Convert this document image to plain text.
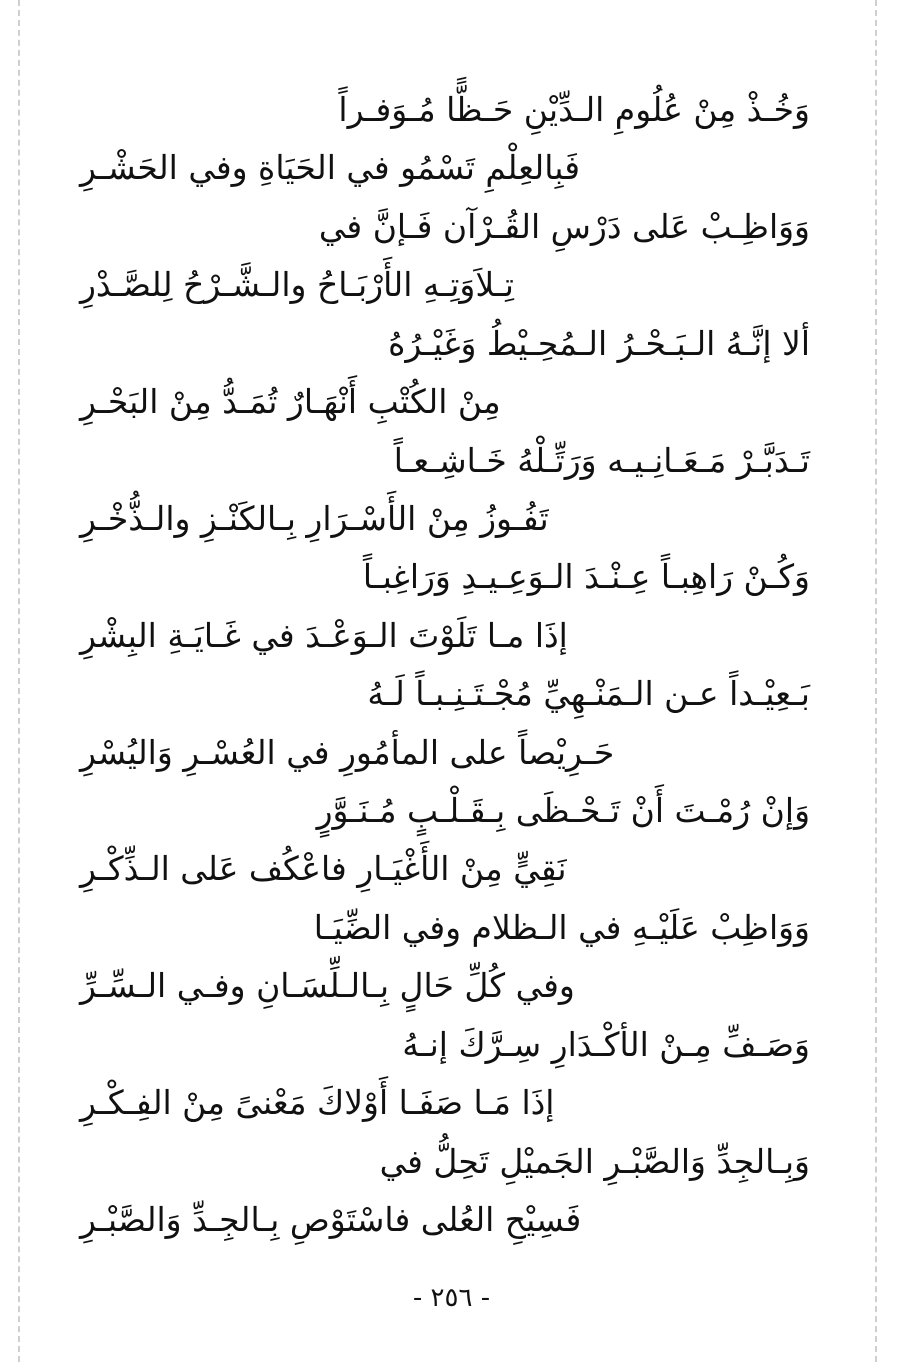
وَخُـذْ مِنْ عُلُومِ الـدِّيْنِ حَـظًّا مُـوَفـراً
فَبِالعِلْمِ تَسْمُو في الحَيَاةِ وفي الحَشْـرِ
وَوَاظِـبْ عَلى دَرْسِ القُـرْآن فَـإنَّ في
تِـلاَوَتِـهِ الأَرْبَـاحُ والـشَّـرْحُ لِلصَّـدْرِ
ألا إنَّـهُ الـبَـحْـرُ الـمُحِـيْطُ وَغَيْـرُهُ
مِنْ الكُتْبِ أَنْهَـارٌ تُمَـدُّ مِنْ البَحْـرِ
تَـدَبَّـرْ مَـعَـانِـيـه وَرَتِّـلْهُ خَـاشِـعـاً
تَفُـوزُ مِنْ الأَسْـرَارِ بِـالكَنْـزِ والـذُّخْـرِ
وَكُـنْ رَاهِبـاً عِـنْـدَ الـوَعِـيـدِ وَرَاغِبـاً
إذَا مـا تَلَوْتَ الـوَعْـدَ في غَـايَـةِ البِشْرِ
بَـعِيْـداً عـن الـمَنْـهِيِّ مُجْـتَـنِـبـاً لَـهُ
حَـرِيْصاً على المأمُورِ في العُسْـرِ وَاليُسْرِ
وَإنْ رُمْـتَ أَنْ تَـحْـظَى بِـقَـلْـبٍ مُـنَـوَّرٍ
نَقِيٍّ مِنْ الأَغْيَـارِ فاعْكُف عَلى الـذِّكْـرِ
وَوَاظِبْ عَلَيْـهِ في الـظلام وفي الضِّيَـا
وفي كُلِّ حَالٍ بِـالـلِّسَـانِ وفـي الـسِّـرِّ
وَصَـفِّ مِـنْ الأكْـدَارِ سِـرَّكَ إنـهُ
إذَا مَـا صَفَـا أَوْلاكَ مَعْنىً مِنْ الفِـكْـرِ
وَبِـالجِدِّ وَالصَّبْـرِ الجَميْلِ تَحِلُّ في
فَسِيْحِ العُلى فاسْتَوْصِ بِـالجِـدِّ وَالصَّبْـرِ
- ٢٥٦ -
